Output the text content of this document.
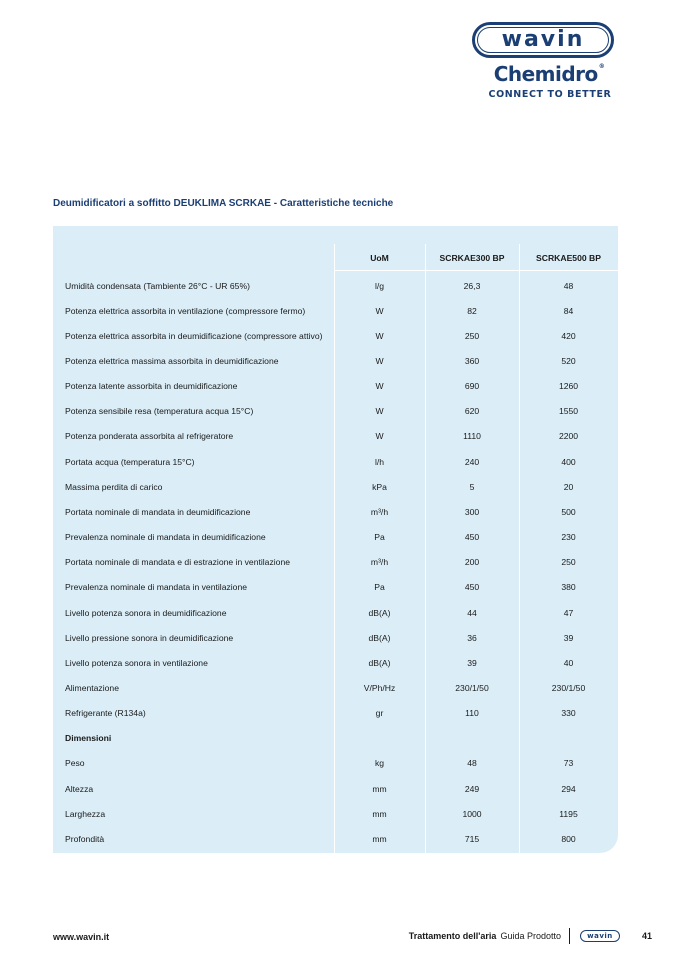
wavin
Chemidro®
CONNECT TO BETTER
Deumidificatori a soffitto DEUKLIMA SCRKAE - Caratteristiche tecniche
UoM	SCRKAE300 BP	SCRKAE500 BP
Umidità condensata (Tambiente 26°C - UR 65%)	l/g	26,3	48
Potenza elettrica assorbita in ventilazione (compressore fermo)	W	82	84
Potenza elettrica assorbita in deumidificazione (compressore attivo)	W	250	420
Potenza elettrica massima assorbita in deumidificazione	W	360	520
Potenza latente assorbita in deumidificazione	W	690	1260
Potenza sensibile resa (temperatura acqua 15°C)	W	620	1550
Potenza ponderata assorbita al refrigeratore	W	1110	2200
Portata acqua (temperatura 15°C)	l/h	240	400
Massima perdita di carico	kPa	5	20
Portata nominale di mandata in deumidificazione	m³/h	300	500
Prevalenza nominale di mandata in deumidificazione	Pa	450	230
Portata nominale di mandata e di estrazione in ventilazione	m³/h	200	250
Prevalenza nominale di mandata in ventilazione	Pa	450	380
Livello potenza sonora in deumidificazione	dB(A)	44	47
Livello pressione sonora in deumidificazione	dB(A)	36	39
Livello potenza sonora in ventilazione	dB(A)	39	40
Alimentazione	V/Ph/Hz	230/1/50	230/1/50
Refrigerante (R134a)	gr	110	330
Dimensioni
Peso	kg	48	73
Altezza	mm	249	294
Larghezza	mm	1000	1195
Profondità	mm	715	800
www.wavin.it	Trattamento dell'aria Guida Prodotto	wavin	41
